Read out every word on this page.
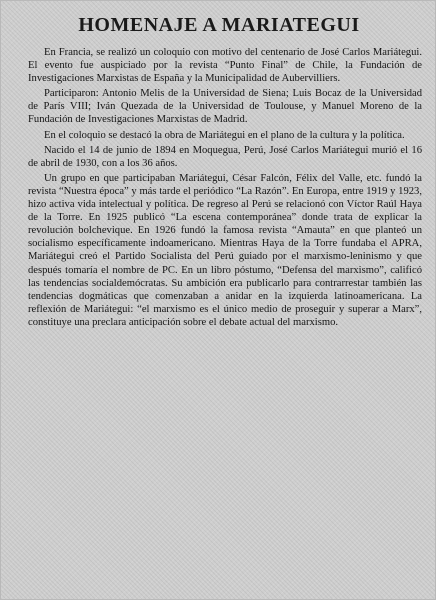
HOMENAJE A MARIATEGUI

En Francia, se realizó un coloquio con motivo del centenario de José Carlos Mariátegui. El evento fue auspiciado por la revista “Punto Final” de Chile, la Fundación de Investigaciones Marxistas de España y la Municipalidad de Aubervilliers.

Participaron: Antonio Melis de la Universidad de Siena; Luis Bocaz de la Universidad de París VIII; Iván Quezada de la Universidad de Toulouse, y Manuel Moreno de la Fundación de Investigaciones Marxistas de Madrid.

En el coloquio se destacó la obra de Mariátegui en el plano de la cultura y la política.

Nacido el 14 de junio de 1894 en Moquegua, Perú, José Carlos Mariátegui murió el 16 de abril de 1930, con a los 36 años.

Un grupo en que participaban Mariátegui, César Falcón, Félix del Valle, etc. fundó la revista “Nuestra época” y más tarde el periódico “La Razón”. En Europa, entre 1919 y 1923, hizo activa vida intelectual y política. De regreso al Perú se relacionó con Víctor Raúl Haya de la Torre. En 1925 publicó “La escena contemporánea” donde trata de explicar la revolución bolchevique. En 1926 fundó la famosa revista “Amauta” en que planteó un socialismo específicamente indoamericano. Mientras Haya de la Torre fundaba el APRA, Mariátegui creó el Partido Socialista del Perú guiado por el marxismo-leninismo y que después tomaría el nombre de PC. En un libro póstumo, “Defensa del marxismo”, calificó las tendencias socialdemócratas. Su ambición era publicarlo para contrarrestar también las tendencias dogmáticas que comenzaban a anidar en la izquierda latinoamericana. La reflexión de Mariátegui: “el marxismo es el único medio de proseguir y superar a Marx”, constituye una preclara anticipación sobre el debate actual del marxismo.
